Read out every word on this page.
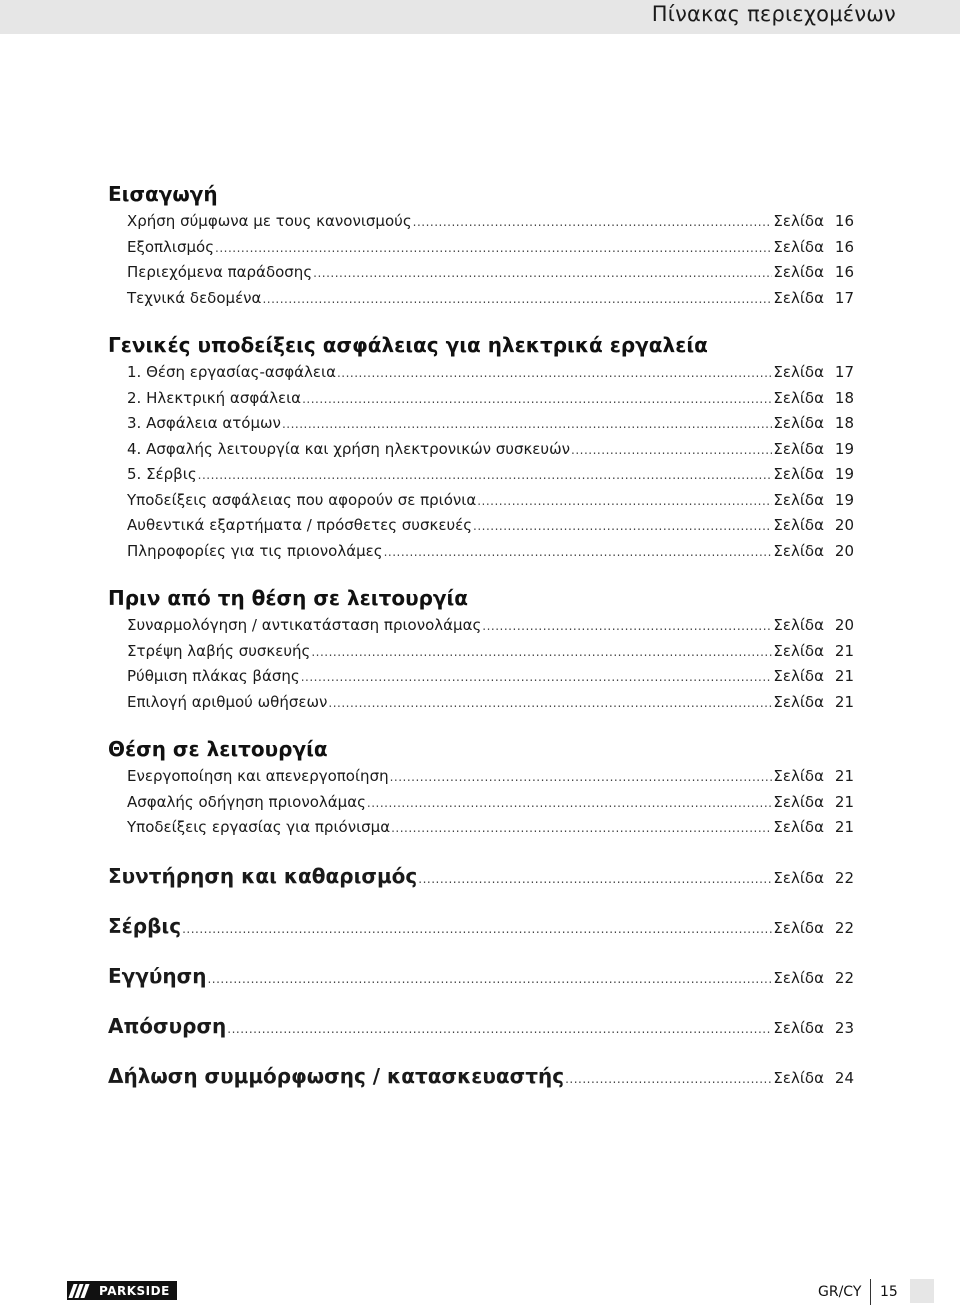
Πίνακας περιεχομένων
Εισαγωγή
Χρήση σύμφωνα με τους κανονισμούς .....	Σελίδα 16
Εξοπλισμός .....	Σελίδα 16
Περιεχόμενα παράδοσης .....	Σελίδα 16
Τεχνικά δεδομένα .....	Σελίδα 17
Γενικές υποδείξεις ασφάλειας για ηλεκτρικά εργαλεία
1. Θέση εργασίας-ασφάλεια .....	Σελίδα 17
2. Ηλεκτρική ασφάλεια .....	Σελίδα 18
3. Ασφάλεια ατόμων .....	Σελίδα 18
4. Ασφαλής λειτουργία και χρήση ηλεκτρονικών συσκευών .....	Σελίδα 19
5. Σέρβις .....	Σελίδα 19
Υποδείξεις ασφάλειας που αφορούν σε πριόνια .....	Σελίδα 19
Αυθεντικά εξαρτήματα / πρόσθετες συσκευές .....	Σελίδα 20
Πληροφορίες για τις πριονολάμες .....	Σελίδα 20
Πριν από τη θέση σε λειτουργία
Συναρμολόγηση / αντικατάσταση πριονολάμας .....	Σελίδα 20
Στρέψη λαβής συσκευής .....	Σελίδα 21
Ρύθμιση πλάκας βάσης .....	Σελίδα 21
Επιλογή αριθμού ωθήσεων .....	Σελίδα 21
Θέση σε λειτουργία
Ενεργοποίηση και απενεργοποίηση .....	Σελίδα 21
Ασφαλής οδήγηση πριονολάμας .....	Σελίδα 21
Υποδείξεις εργασίας για πριόνισμα .....	Σελίδα 21
Συντήρηση και καθαρισμός .....	Σελίδα 22
Σέρβις .....	Σελίδα 22
Εγγύηση .....	Σελίδα 22
Απόσυρση .....	Σελίδα 23
Δήλωση συμμόρφωσης / κατασκευαστής .....	Σελίδα 24
PARKSIDE	GR/CY 15
